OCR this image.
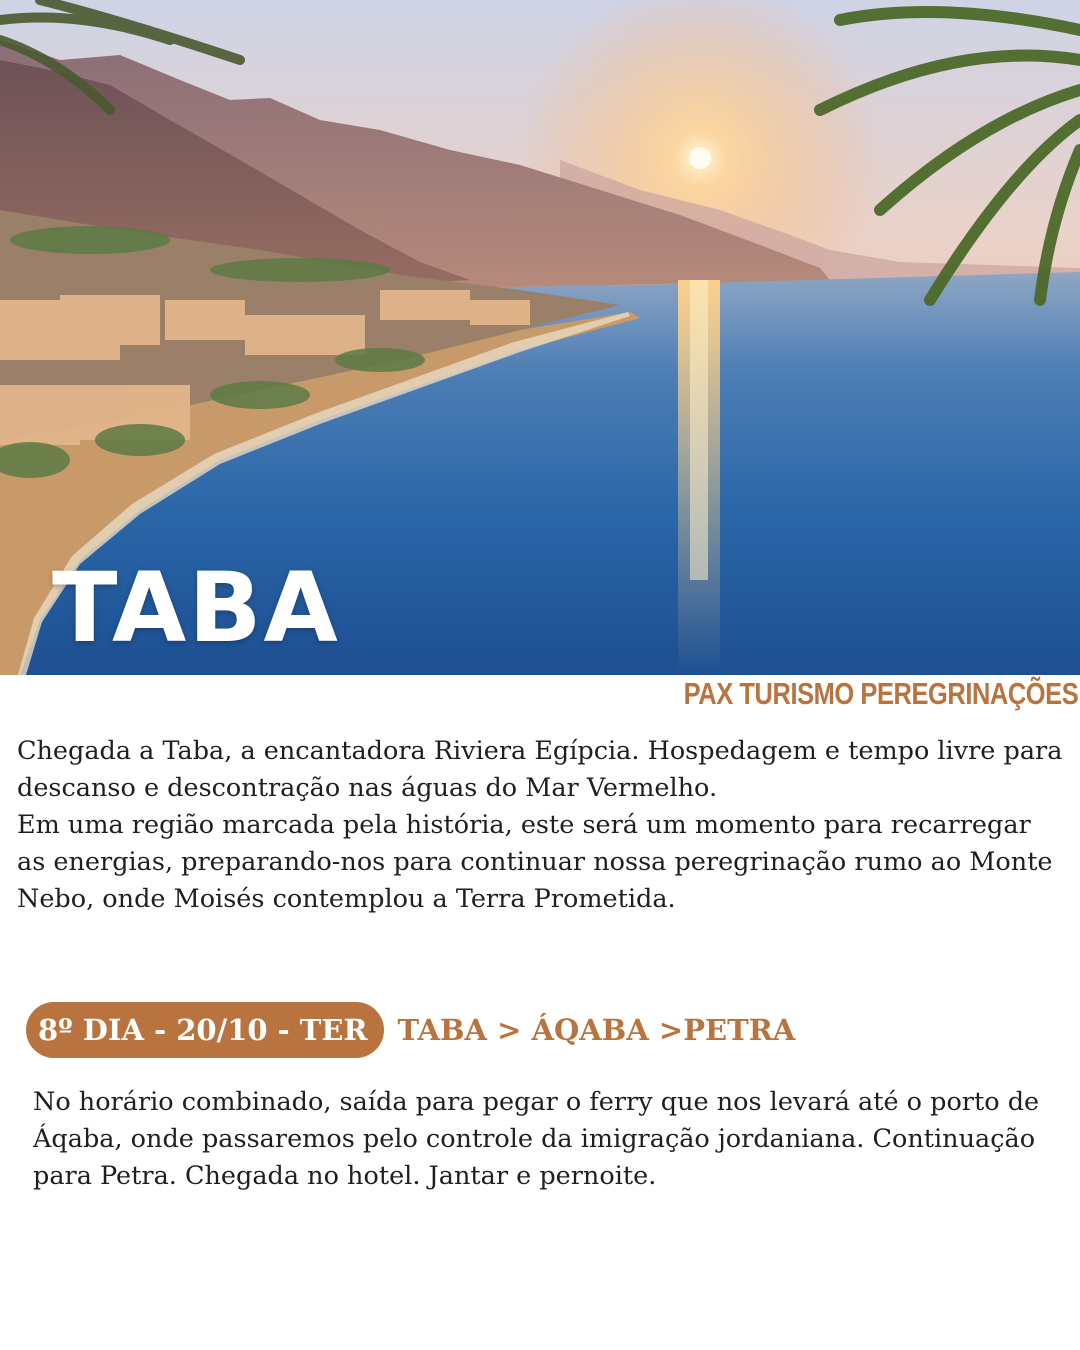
TABA
PAX TURISMO PEREGRINAÇÕES

Chegada a Taba, a encantadora Riviera Egípcia. Hospedagem e tempo livre para descanso e descontração nas águas do Mar Vermelho.

Em uma região marcada pela história, este será um momento para recarregar as energias, preparando-nos para continuar nossa peregrinação rumo ao Monte Nebo, onde Moisés contemplou a Terra Prometida.

8º DIA - 20/10 - TER	TABA > ÁQABA >PETRA

No horário combinado, saída para pegar o ferry que nos levará até o porto de Áqaba, onde passaremos pelo controle da imigração jordaniana. Continuação para Petra. Chegada no hotel. Jantar e pernoite.
